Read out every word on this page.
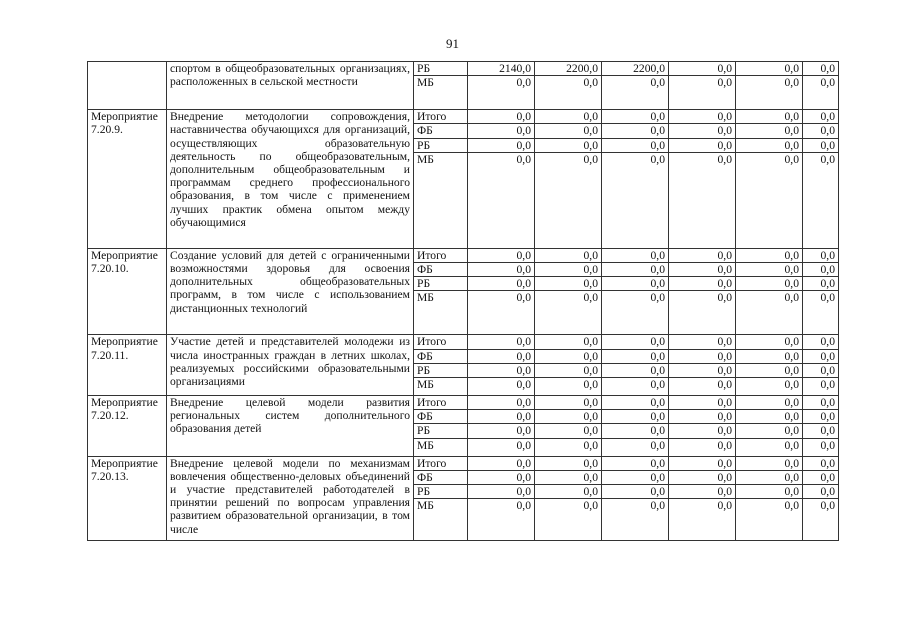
91

	спортом в общеобразовательных организациях, расположенных в сельской местности	РБ	2140,0	2200,0	2200,0	0,0	0,0	0,0
		МБ	0,0	0,0	0,0	0,0	0,0	0,0
Мероприятие 7.20.9.	Внедрение методологии сопровождения, наставничества обучающихся для организаций, осуществляющих образовательную деятельность по общеобразовательным, дополнительным общеобразовательным и программам среднего профессионального образования, в том числе с применением лучших практик обмена опытом между обучающимися	Итого	0,0	0,0	0,0	0,0	0,0	0,0
		ФБ	0,0	0,0	0,0	0,0	0,0	0,0
		РБ	0,0	0,0	0,0	0,0	0,0	0,0
		МБ	0,0	0,0	0,0	0,0	0,0	0,0
Мероприятие 7.20.10.	Создание условий для детей с ограниченными возможностями здоровья для освоения дополнительных общеобразовательных программ, в том числе с использованием дистанционных технологий	Итого	0,0	0,0	0,0	0,0	0,0	0,0
		ФБ	0,0	0,0	0,0	0,0	0,0	0,0
		РБ	0,0	0,0	0,0	0,0	0,0	0,0
		МБ	0,0	0,0	0,0	0,0	0,0	0,0
Мероприятие 7.20.11.	Участие детей и представителей молодежи из числа иностранных граждан в летних школах, реализуемых российскими образовательными организациями	Итого	0,0	0,0	0,0	0,0	0,0	0,0
		ФБ	0,0	0,0	0,0	0,0	0,0	0,0
		РБ	0,0	0,0	0,0	0,0	0,0	0,0
		МБ	0,0	0,0	0,0	0,0	0,0	0,0
Мероприятие 7.20.12.	Внедрение целевой модели развития региональных систем дополнительного образования детей	Итого	0,0	0,0	0,0	0,0	0,0	0,0
		ФБ	0,0	0,0	0,0	0,0	0,0	0,0
		РБ	0,0	0,0	0,0	0,0	0,0	0,0
		МБ	0,0	0,0	0,0	0,0	0,0	0,0
Мероприятие 7.20.13.	Внедрение целевой модели по механизмам вовлечения общественно-деловых объединений и участие представителей работодателей в принятии решений по вопросам управления развитием образовательной организации, в том числе	Итого	0,0	0,0	0,0	0,0	0,0	0,0
		ФБ	0,0	0,0	0,0	0,0	0,0	0,0
		РБ	0,0	0,0	0,0	0,0	0,0	0,0
		МБ	0,0	0,0	0,0	0,0	0,0	0,0
